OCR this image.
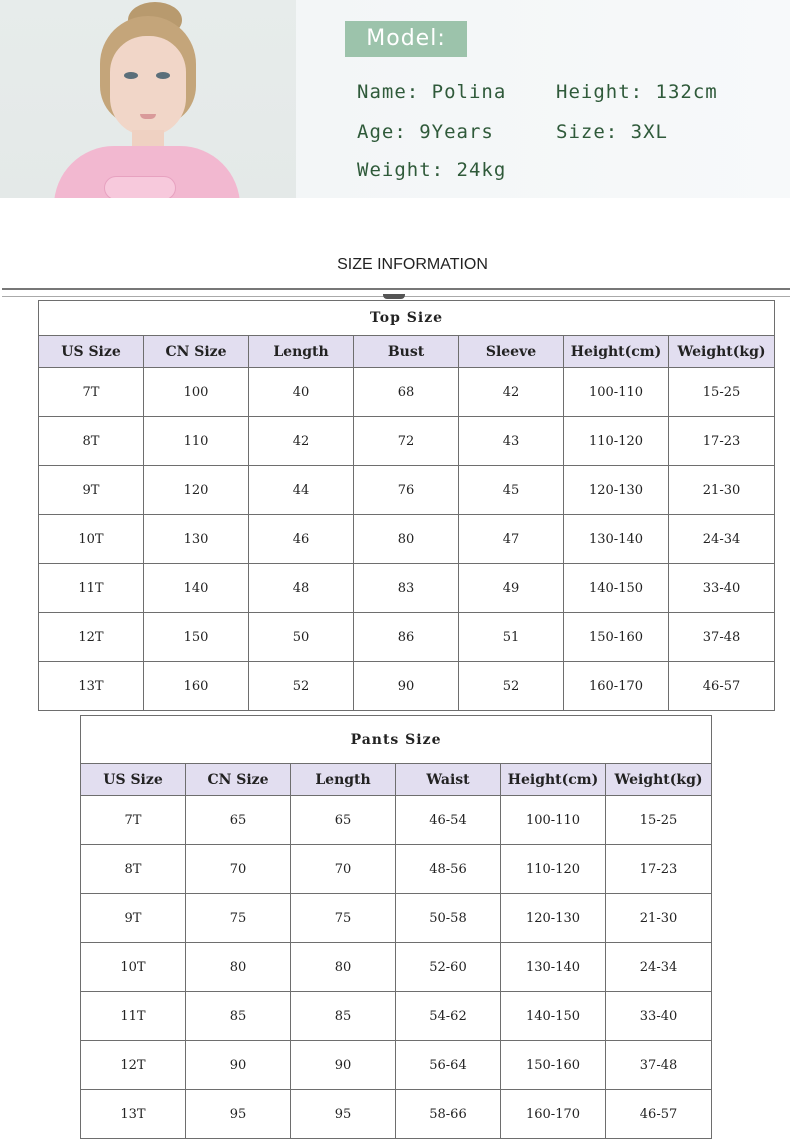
Model:
Name: Polina	Height: 132cm
Age: 9Years	Size: 3XL
Weight: 24kg
SIZE INFORMATION
Top Size						
US Size	CN Size	Length	Bust	Sleeve	Height(cm)	Weight(kg)
7T	100	40	68	42	100-110	15-25
8T	110	42	72	43	110-120	17-23
9T	120	44	76	45	120-130	21-30
10T	130	46	80	47	130-140	24-34
11T	140	48	83	49	140-150	33-40
12T	150	50	86	51	150-160	37-48
13T	160	52	90	52	160-170	46-57
Pants Size					
US Size	CN Size	Length	Waist	Height(cm)	Weight(kg)
7T	65	65	46-54	100-110	15-25
8T	70	70	48-56	110-120	17-23
9T	75	75	50-58	120-130	21-30
10T	80	80	52-60	130-140	24-34
11T	85	85	54-62	140-150	33-40
12T	90	90	56-64	150-160	37-48
13T	95	95	58-66	160-170	46-57
